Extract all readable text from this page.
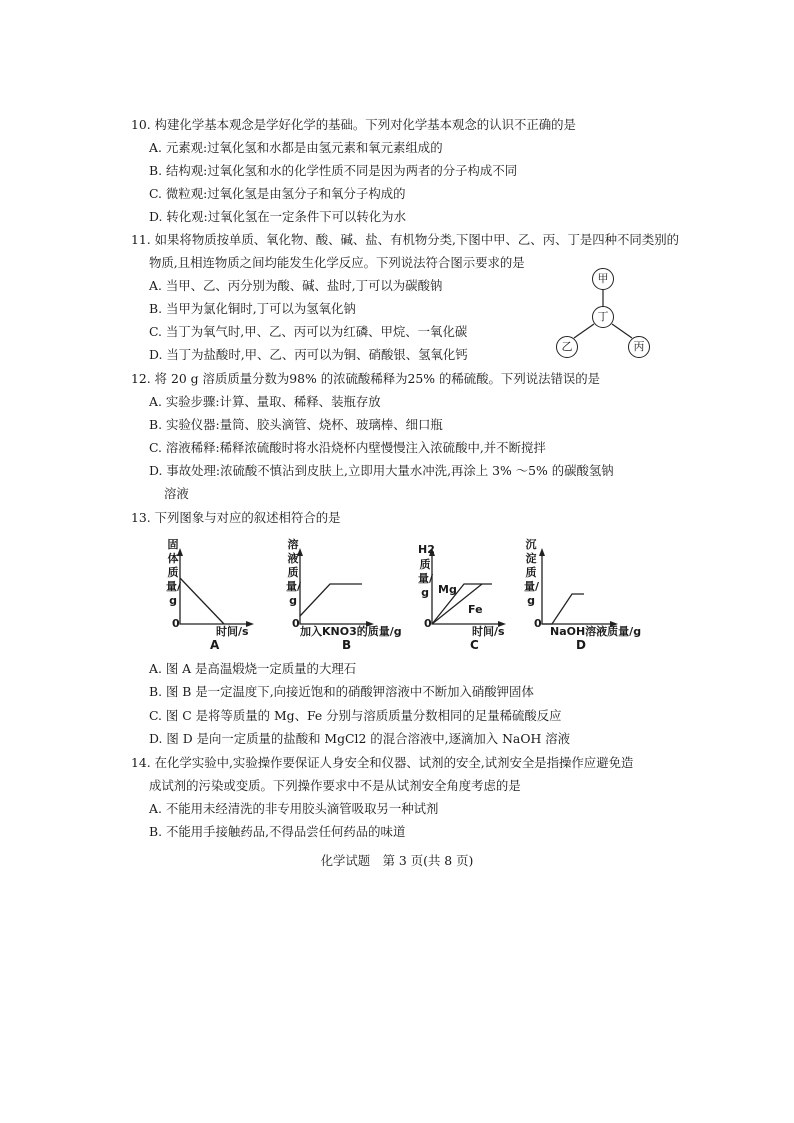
10. 构建化学基本观念是学好化学的基础。下列对化学基本观念的认识不正确的是
A. 元素观:过氧化氢和水都是由氢元素和氧元素组成的
B. 结构观:过氧化氢和水的化学性质不同是因为两者的分子构成不同
C. 微粒观:过氧化氢是由氢分子和氧分子构成的
D. 转化观:过氧化氢在一定条件下可以转化为水
11. 如果将物质按单质、氧化物、酸、碱、盐、有机物分类,下图中甲、乙、丙、丁是四种不同类别的
物质,且相连物质之间均能发生化学反应。下列说法符合图示要求的是
A. 当甲、乙、丙分别为酸、碱、盐时,丁可以为碳酸钠
B. 当甲为氯化铜时,丁可以为氢氧化钠
C. 当丁为氧气时,甲、乙、丙可以为红磷、甲烷、一氧化碳
D. 当丁为盐酸时,甲、乙、丙可以为铜、硝酸银、氢氧化钙
甲
丁
乙	丙
12. 将 20 g 溶质质量分数为98% 的浓硫酸稀释为25% 的稀硫酸。下列说法错误的是
A. 实验步骤:计算、量取、稀释、装瓶存放
B. 实验仪器:量筒、胶头滴管、烧杯、玻璃棒、细口瓶
C. 溶液稀释:稀释浓硫酸时将水沿烧杯内壁慢慢注入浓硫酸中,并不断搅拌
D. 事故处理:浓硫酸不慎沾到皮肤上,立即用大量水冲洗,再涂上 3% ～5% 的碳酸氢钠
溶液
13. 下列图象与对应的叙述相符合的是
固体质量/g
0
时间/s
A
溶液质量/g
0
加入KNO3的质量/g
B
H2
质量/g Mg
Fe
0
时间/s
C
沉淀质量/g
0
NaOH溶液质量/g
D
A. 图 A 是高温煅烧一定质量的大理石
B. 图 B 是一定温度下,向接近饱和的硝酸钾溶液中不断加入硝酸钾固体
C. 图 C 是将等质量的 Mg、Fe 分别与溶质质量分数相同的足量稀硫酸反应
D. 图 D 是向一定质量的盐酸和 MgCl2 的混合溶液中,逐滴加入 NaOH 溶液
14. 在化学实验中,实验操作要保证人身安全和仪器、试剂的安全,试剂安全是指操作应避免造
成试剂的污染或变质。下列操作要求中不是从试剂安全角度考虑的是
A. 不能用未经清洗的非专用胶头滴管吸取另一种试剂
B. 不能用手接触药品,不得品尝任何药品的味道
化学试题　第 3 页(共 8 页)
